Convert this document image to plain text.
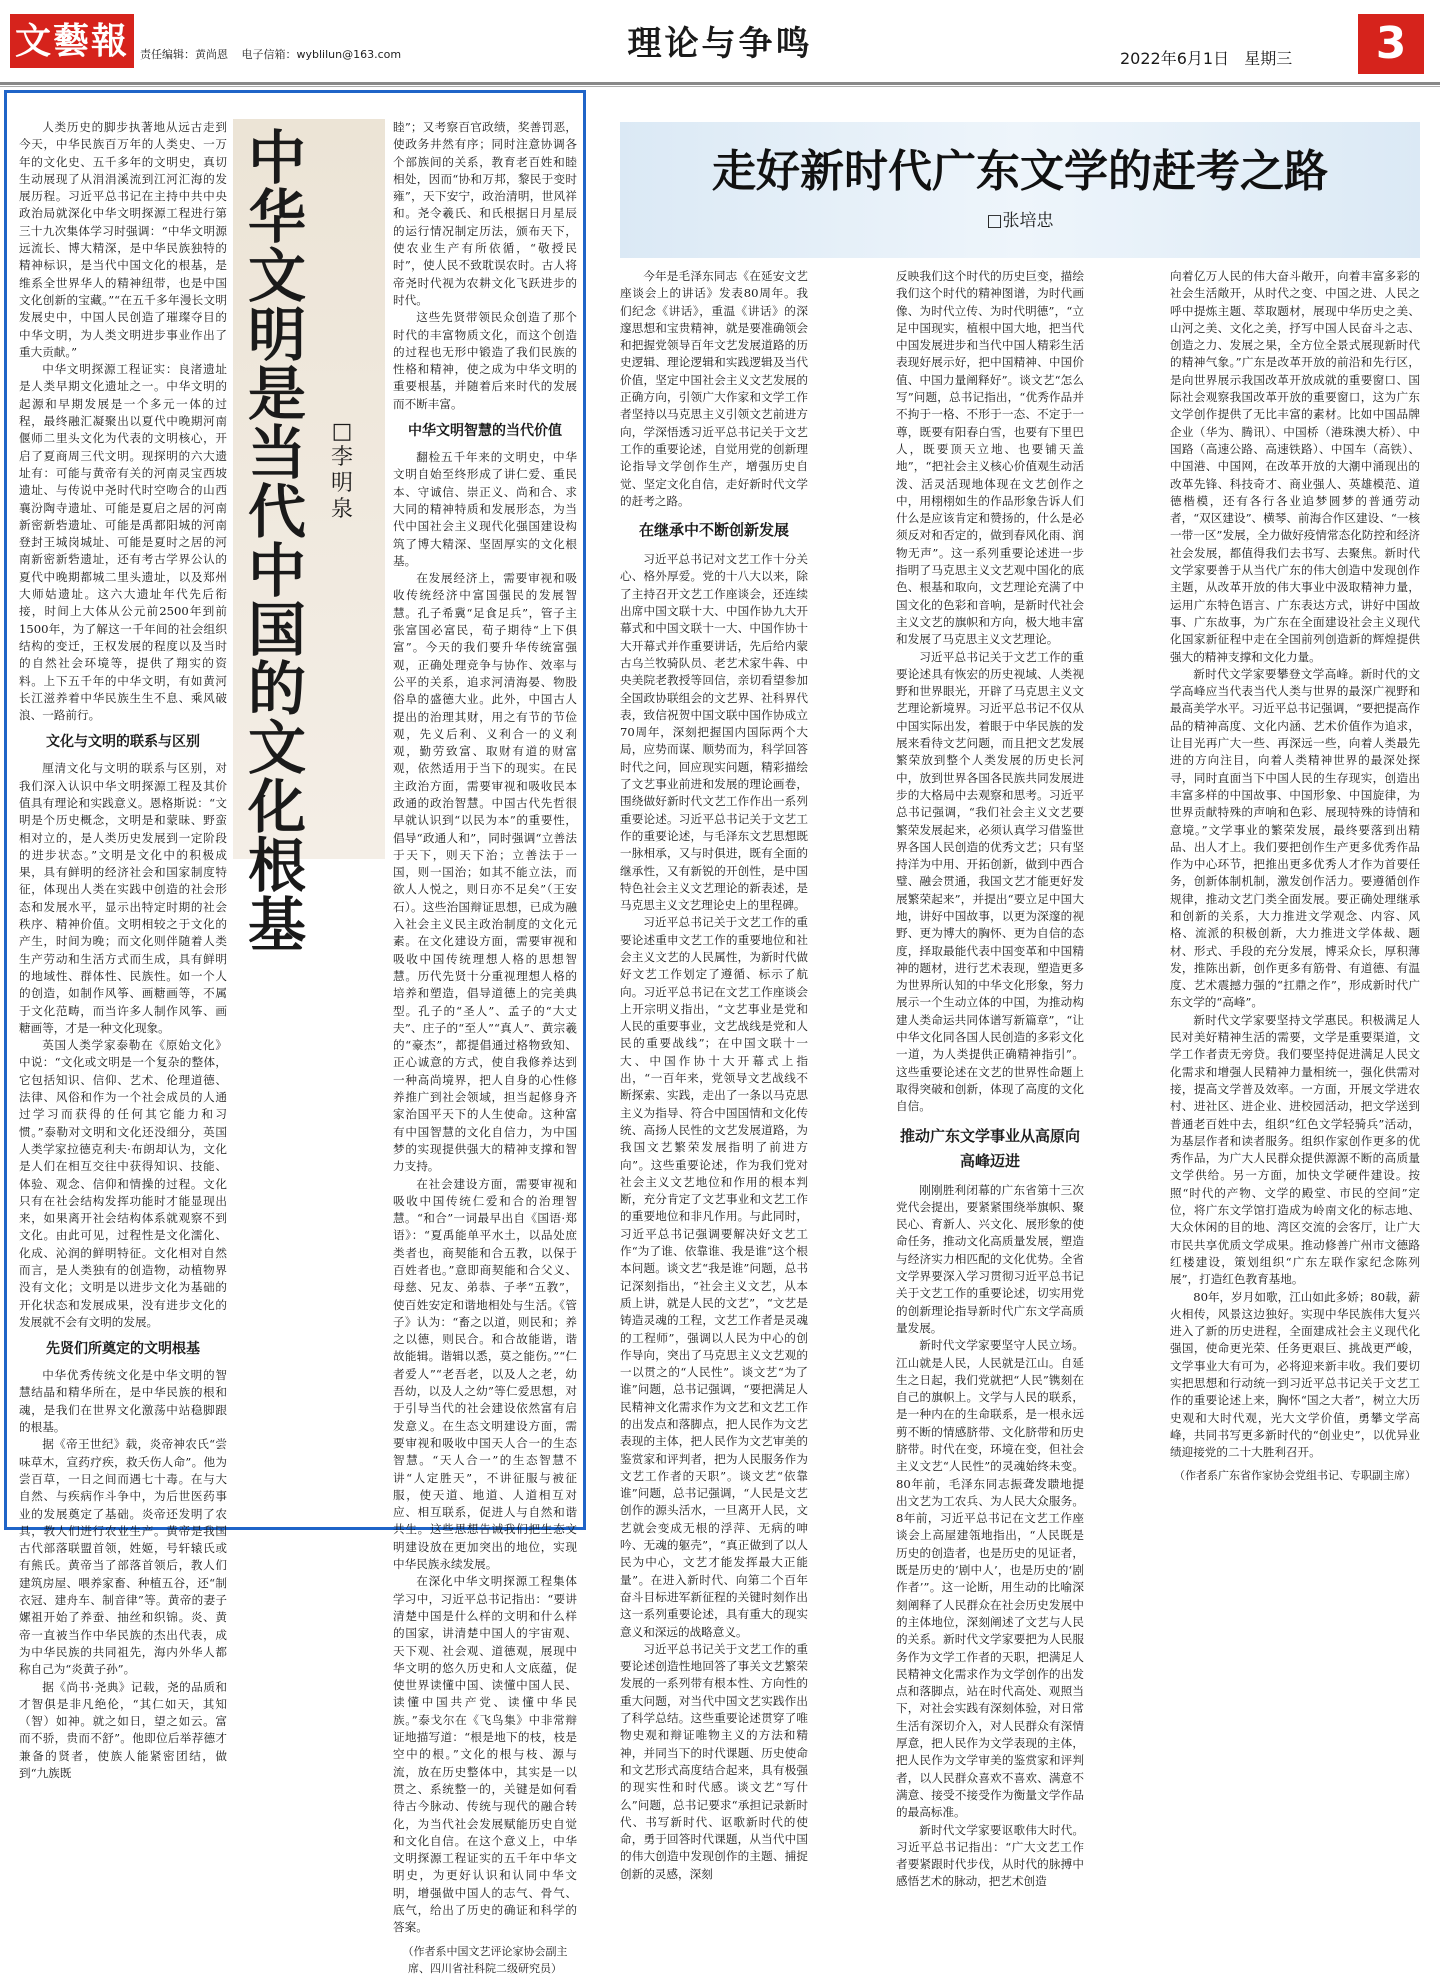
文藝報	责任编辑：黄尚恩 电子信箱：wyblilun@163.com	理论与争鸣	2022年6月1日 星期三	3
中
华
文
明
是
当
代
中
国
的
文
化
根
基
□
李
明
泉

人类历史的脚步执著地从远古走到今天，中华民族百万年的人类史、一万年的文化史、五千多年的文明史，真切生动展现了从涓涓溪流到江河汇海的发展历程。习近平总书记在主持中共中央政治局就深化中华文明探源工程进行第三十九次集体学习时强调：“中华文明源远流长、博大精深，是中华民族独特的精神标识，是当代中国文化的根基，是维系全世界华人的精神纽带，也是中国文化创新的宝藏。”“在五千多年漫长文明发展史中，中国人民创造了璀璨夺目的中华文明，为人类文明进步事业作出了重大贡献。”

中华文明探源工程证实：良渚遗址是人类早期文化遗址之一。中华文明的起源和早期发展是一个多元一体的过程，最终融汇凝聚出以夏代中晚期河南偃师二里头文化为代表的文明核心，开启了夏商周三代文明。现探明的六大遗址有：可能与黄帝有关的河南灵宝西坡遗址、与传说中尧时代时空吻合的山西襄汾陶寺遗址、可能是夏启之居的河南新密新砦遗址、可能是禹都阳城的河南登封王城岗城址、可能是夏时之居的河南新密新砦遗址，还有考古学界公认的夏代中晚期都城二里头遗址，以及郑州大师姑遗址。这六大遗址年代先后衔接，时间上大体从公元前2500年到前1500年，为了解这一千年间的社会组织结构的变迁，王权发展的程度以及当时的自然社会环境等，提供了翔实的资料。上下五千年的中华文明，有如黄河长江滋养着中华民族生生不息、乘风破浪、一路前行。

文化与文明的联系与区别

厘清文化与文明的联系与区别，对我们深入认识中华文明探源工程及其价值具有理论和实践意义。恩格斯说：“文明是个历史概念，文明是和蒙昧、野蛮相对立的，是人类历史发展到一定阶段的进步状态。”文明是文化中的积极成果，具有鲜明的经济社会和国家制度特征，体现出人类在实践中创造的社会形态和发展水平，显示出特定时期的社会秩序、精神价值。文明相较之于文化的产生，时间为晚；而文化则伴随着人类生产劳动和生活方式而生成，具有鲜明的地域性、群体性、民族性。如一个人的创造，如制作风筝、画糖画等，不属于文化范畴，而当许多人制作风筝、画糖画等，才是一种文化现象。

英国人类学家泰勒在《原始文化》中说：“文化或文明是一个复杂的整体，它包括知识、信仰、艺术、伦理道德、法律、风俗和作为一个社会成员的人通过学习而获得的任何其它能力和习惯。”泰勒对文明和文化还没细分，英国人类学家拉德克利夫·布朗却认为，文化是人们在相互交往中获得知识、技能、体验、观念、信仰和情操的过程。文化只有在社会结构发挥功能时才能显现出来，如果离开社会结构体系就观察不到文化。由此可见，过程性是文化濡化、化成、沁润的鲜明特征。文化相对自然而言，是人类独有的创造物，动植物界没有文化；文明是以进步文化为基础的开化状态和发展成果，没有进步文化的发展就不会有文明的发展。

先贤们所奠定的文明根基

中华优秀传统文化是中华文明的智慧结晶和精华所在，是中华民族的根和魂，是我们在世界文化激荡中站稳脚跟的根基。

据《帝王世纪》载，炎帝神农氏“尝味草木，宣药疗疾，救夭伤人命”。他为尝百草，一日之间而遇七十毒。在与大自然、与疾病作斗争中，为后世医药事业的发展奠定了基础。炎帝还发明了农具，教人们进行农业生产。黄帝是我国古代部落联盟首领，姓姬，号轩辕氏或有熊氏。黄帝当了部落首领后，教人们建筑房屋、喂养家畜、种植五谷，还“制衣冠、建舟车、制音律”等。黄帝的妻子嫘祖开始了养蚕、抽丝和织锦。炎、黄帝一直被当作中华民族的杰出代表，成为中华民族的共同祖先，海内外华人都称自己为“炎黄子孙”。

据《尚书·尧典》记载，尧的品质和才智俱是非凡绝伦，“其仁如天，其知（智）如神。就之如日，望之如云。富而不骄，贵而不舒”。他即位后举荐德才兼备的贤者，使族人能紧密团结，做到“九族既

睦”；又考察百官政绩，奖善罚恶，使政务井然有序；同时注意协调各个部族间的关系，教育老百姓和睦相处，因而“协和万邦，黎民于变时雍”，天下安宁，政治清明，世风祥和。尧令羲氏、和氏根据日月星辰的运行情况制定历法，颁布天下，使农业生产有所依循，“敬授民时”，使人民不致耽误农时。古人将帝尧时代视为农耕文化飞跃进步的时代。

这些先贤带领民众创造了那个时代的丰富物质文化，而这个创造的过程也无形中锻造了我们民族的性格和精神，使之成为中华文明的重要根基，并随着后来时代的发展而不断丰富。

中华文明智慧的当代价值

翻检五千年来的文明史，中华文明自始至终形成了讲仁爱、重民本、守诚信、崇正义、尚和合、求大同的精神特质和发展形态，为当代中国社会主义现代化强国建设构筑了博大精深、坚固厚实的文化根基。

在发展经济上，需要审视和吸收传统经济中富国强民的发展智慧。孔子希冀“足食足兵”，管子主张富国必富民，荀子期待“上下俱富”。今天的我们要升华传统富强观，正确处理竞争与协作、效率与公平的关系，追求河清海晏、物股俗阜的盛德大业。此外，中国古人提出的治理其财，用之有节的节俭观，先义后利、义利合一的义利观，勤劳致富、取财有道的财富观，依然适用于当下的现实。在民主政治方面，需要审视和吸收民本政通的政治智慧。中国古代先哲很早就认识到“以民为本”的重要性，倡导“政通人和”，同时强调“立善法于天下，则天下治；立善法于一国，则一国治；如其不能立法，而欲人人悦之，则日亦不足矣”（王安石）。这些治国辩证思想，已成为融入社会主义民主政治制度的文化元素。在文化建设方面，需要审视和吸收中国传统理想人格的思想智慧。历代先贤十分重视理想人格的培养和塑造，倡导道德上的完美典型。孔子的“圣人”、孟子的“大丈夫”、庄子的“至人”“真人”、黄宗羲的“豪杰”，都提倡通过格物致知、正心诚意的方式，使自我修养达到一种高尚境界，把人自身的心性修养推广到社会领域，担当起修身齐家治国平天下的人生使命。这种富有中国智慧的文化自信力，为中国梦的实现提供强大的精神支撑和智力支持。

在社会建设方面，需要审视和吸收中国传统仁爱和合的治理智慧。“和合”一词最早出自《国语·郑语》：“夏禹能单平水土，以品处庶类者也，商契能和合五教，以保于百姓者也。”意即商契能和合父义、母慈、兄友、弟恭、子孝“五教”，使百姓安定和谐地相处与生活。《管子》认为：“畜之以道，则民和；养之以德，则民合。和合故能谐，谐故能辑。谐辑以悉，莫之能伤。”“仁者爱人”“老吾老，以及人之老，幼吾幼，以及人之幼”等仁爱思想，对于引导当代的社会建设依然富有启发意义。在生态文明建设方面，需要审视和吸收中国天人合一的生态智慧。“天人合一”的生态智慧不讲“人定胜天”，不讲征服与被征服，使天道、地道、人道相互对应、相互联系，促进人与自然和谐共生。这些思想告诫我们把生态文明建设放在更加突出的地位，实现中华民族永续发展。

在深化中华文明探源工程集体学习中，习近平总书记指出：“要讲清楚中国是什么样的文明和什么样的国家，讲清楚中国人的宇宙观、天下观、社会观、道德观，展现中华文明的悠久历史和人文底蕴，促使世界读懂中国、读懂中国人民、读懂中国共产党、读懂中华民族。”泰戈尔在《飞鸟集》中非常辩证地描写道：“根是地下的枝，枝是空中的根。”文化的根与枝、源与流，放在历史整体中，其实是一以贯之、系统整一的，关键是如何看待古今脉动、传统与现代的融合转化，为当代社会发展赋能历史自觉和文化自信。在这个意义上，中华文明探源工程证实的五千年中华文明史，为更好认识和认同中华文明，增强做中国人的志气、骨气、底气，给出了历史的确证和科学的答案。

（作者系中国文艺评论家协会副主席、四川省社科院二级研究员）

走好新时代广东文学的赶考之路
□张培忠

今年是毛泽东同志《在延安文艺座谈会上的讲话》发表80周年。我们纪念《讲话》，重温《讲话》的深邃思想和宝贵精神，就是要准确领会和把握党领导百年文艺发展道路的历史逻辑、理论逻辑和实践逻辑及当代价值，坚定中国社会主义文艺发展的正确方向，引领广大作家和文学工作者坚持以马克思主义引领文艺前进方向，学深悟透习近平总书记关于文艺工作的重要论述，自觉用党的创新理论指导文学创作生产，增强历史自觉、坚定文化自信，走好新时代文学的赶考之路。

在继承中不断创新发展

习近平总书记对文艺工作十分关心、格外厚爱。党的十八大以来，除了主持召开文艺工作座谈会，还连续出席中国文联十大、中国作协九大开幕式和中国文联十一大、中国作协十大开幕式并作重要讲话，先后给内蒙古乌兰牧骑队员、老艺术家牛犇、中央美院老教授等回信，亲切看望参加全国政协联组会的文艺界、社科界代表，致信祝贺中国文联中国作协成立70周年，深刻把握国内国际两个大局，应势而谋、顺势而为，科学回答时代之问，回应现实问题，精彩描绘了文艺事业前进和发展的理论画卷，围绕做好新时代文艺工作作出一系列重要论述。习近平总书记关于文艺工作的重要论述，与毛泽东文艺思想既一脉相承，又与时俱进，既有全面的继承性，又有新锐的开创性，是中国特色社会主义文艺理论的新表述，是马克思主义文艺理论史上的里程碑。

习近平总书记关于文艺工作的重要论述重申文艺工作的重要地位和社会主义文艺的人民属性，为新时代做好文艺工作划定了遵循、标示了航向。习近平总书记在文艺工作座谈会上开宗明义指出，“文艺事业是党和人民的重要事业，文艺战线是党和人民的重要战线”；在中国文联十一大、中国作协十大开幕式上指出，“一百年来，党领导文艺战线不断探索、实践，走出了一条以马克思主义为指导、符合中国国情和文化传统、高扬人民性的文艺发展道路，为我国文艺繁荣发展指明了前进方向”。这些重要论述，作为我们党对社会主义文艺地位和作用的根本判断，充分肯定了文艺事业和文艺工作的重要地位和非凡作用。与此同时，习近平总书记强调要解决好文艺工作“为了谁、依靠谁、我是谁”这个根本问题。谈文艺“我是谁”问题，总书记深刻指出，“社会主义文艺，从本质上讲，就是人民的文艺”，“文艺是铸造灵魂的工程，文艺工作者是灵魂的工程师”，强调以人民为中心的创作导向，突出了马克思主义文艺观的一以贯之的“人民性”。谈文艺“为了谁”问题，总书记强调，“要把满足人民精神文化需求作为文艺和文艺工作的出发点和落脚点，把人民作为文艺表现的主体，把人民作为文艺审美的鉴赏家和评判者，把为人民服务作为文艺工作者的天职”。谈文艺“依靠谁”问题，总书记强调，“人民是文艺创作的源头活水，一旦离开人民，文艺就会变成无根的浮萍、无病的呻吟、无魂的躯壳”，“真正做到了以人民为中心，文艺才能发挥最大正能量”。在进入新时代、向第二个百年奋斗目标进军新征程的关键时刻作出这一系列重要论述，具有重大的现实意义和深远的战略意义。

习近平总书记关于文艺工作的重要论述创造性地回答了事关文艺繁荣发展的一系列带有根本性、方向性的重大问题，对当代中国文艺实践作出了科学总结。这些重要论述贯穿了唯物史观和辩证唯物主义的方法和精神，并同当下的时代课题、历史使命和文艺形式高度结合起来，具有极强的现实性和时代感。谈文艺“写什么”问题，总书记要求“承担记录新时代、书写新时代、讴歌新时代的使命，勇于回答时代课题，从当代中国的伟大创造中发现创作的主题、捕捉创新的灵感，深刻

反映我们这个时代的历史巨变，描绘我们这个时代的精神图谱，为时代画像、为时代立传、为时代明德”，“立足中国现实，植根中国大地，把当代中国发展进步和当代中国人精彩生活表现好展示好，把中国精神、中国价值、中国力量阐释好”。谈文艺“怎么写”问题，总书记指出，“优秀作品并不拘于一格、不形于一态、不定于一尊，既要有阳春白雪，也要有下里巴人，既要顶天立地、也要铺天盖地”，“把社会主义核心价值观生动活泼、活灵活现地体现在文艺创作之中，用栩栩如生的作品形象告诉人们什么是应该肯定和赞扬的，什么是必须反对和否定的，做到春风化雨、润物无声”。这一系列重要论述进一步指明了马克思主义文艺观中国化的底色、根基和取向，文艺理论充满了中国文化的色彩和音响，是新时代社会主义文艺的旗帜和方向，极大地丰富和发展了马克思主义文艺理论。

习近平总书记关于文艺工作的重要论述具有恢宏的历史视域、人类视野和世界眼光，开辟了马克思主义文艺理论新境界。习近平总书记不仅从中国实际出发，着眼于中华民族的发展来看待文艺问题，而且把文艺发展繁荣放到整个人类发展的历史长河中，放到世界各国各民族共同发展进步的大格局中去观察和思考。习近平总书记强调，“我们社会主义文艺要繁荣发展起来，必须认真学习借鉴世界各国人民创造的优秀文艺；只有坚持洋为中用、开拓创新，做到中西合璧、融会贯通，我国文艺才能更好发展繁荣起来”，并提出“要立足中国大地，讲好中国故事，以更为深邃的视野、更为博大的胸怀、更为自信的态度，择取最能代表中国变革和中国精神的题材，进行艺术表现，塑造更多为世界所认知的中华文化形象，努力展示一个生动立体的中国，为推动构建人类命运共同体谱写新篇章”，“让中华文化同各国人民创造的多彩文化一道，为人类提供正确精神指引”。这些重要论述在文艺的世界性命题上取得突破和创新，体现了高度的文化自信。

推动广东文学事业从高原向高峰迈进

刚刚胜利闭幕的广东省第十三次党代会提出，要紧紧围绕举旗帜、聚民心、育新人、兴文化、展形象的使命任务，推动文化高质量发展，塑造与经济实力相匹配的文化优势。全省文学界要深入学习贯彻习近平总书记关于文艺工作的重要论述，切实用党的创新理论指导新时代广东文学高质量发展。

新时代文学家要坚守人民立场。江山就是人民，人民就是江山。自延生之日起，我们党就把“人民”镌刻在自己的旗帜上。文学与人民的联系，是一种内在的生命联系，是一根永远剪不断的情感脐带、文化脐带和历史脐带。时代在变，环境在变，但社会主义文艺“人民性”的灵魂始终未变。80年前，毛泽东同志振聋发聩地提出文艺为工农兵、为人民大众服务。8年前，习近平总书记在文艺工作座谈会上高屋建瓴地指出，“人民既是历史的创造者，也是历史的见证者，既是历史的‘剧中人’，也是历史的‘剧作者’”。这一论断，用生动的比喻深刻阐释了人民群众在社会历史发展中的主体地位，深刻阐述了文艺与人民的关系。新时代文学家要把为人民服务作为文学工作者的天职，把满足人民精神文化需求作为文学创作的出发点和落脚点，站在时代高处、观照当下，对社会实践有深刻体验，对日常生活有深切介入，对人民群众有深情厚意，把人民作为文学表现的主体，把人民作为文学审美的鉴赏家和评判者，以人民群众喜欢不喜欢、满意不满意、接受不接受作为衡量文学作品的最高标准。

新时代文学家要讴歌伟大时代。习近平总书记指出：“广大文艺工作者要紧跟时代步伐，从时代的脉搏中感悟艺术的脉动，把艺术创造

向着亿万人民的伟大奋斗敞开，向着丰富多彩的社会生活敞开，从时代之变、中国之进、人民之呼中提炼主题、萃取题材，展现中华历史之美、山河之美、文化之美，抒写中国人民奋斗之志、创造之力、发展之果，全方位全景式展现新时代的精神气象。”广东是改革开放的前沿和先行区，是向世界展示我国改革开放成就的重要窗口、国际社会观察我国改革开放的重要窗口，这为广东文学创作提供了无比丰富的素材。比如中国品牌企业（华为、腾讯）、中国桥（港珠澳大桥）、中国路（高速公路、高速铁路）、中国车（高铁）、中国港、中国网，在改革开放的大潮中涌现出的改革先锋、科技奇才、商业强人、英雄模范、道德楷模，还有各行各业追梦圆梦的普通劳动者，“双区建设”、横琴、前海合作区建设、“一核一带一区”发展，全力做好疫情常态化防控和经济社会发展，都值得我们去书写、去聚焦。新时代文学家要善于从当代广东的伟大创造中发现创作主题，从改革开放的伟大事业中汲取精神力量，运用广东特色语言、广东表达方式，讲好中国故事、广东故事，为广东在全面建设社会主义现代化国家新征程中走在全国前列创造新的辉煌提供强大的精神支撑和文化力量。

新时代文学家要攀登文学高峰。新时代的文学高峰应当代表当代人类与世界的最深广视野和最高美学水平。习近平总书记强调，“要把提高作品的精神高度、文化内涵、艺术价值作为追求，让目光再广大一些、再深远一些，向着人类最先进的方向注目，向着人类精神世界的最深处探寻，同时直面当下中国人民的生存现实，创造出丰富多样的中国故事、中国形象、中国旋律，为世界贡献特殊的声响和色彩、展现特殊的诗情和意境。”文学事业的繁荣发展，最终要落到出精品、出人才上。我们要把创作生产更多优秀作品作为中心环节，把推出更多优秀人才作为首要任务，创新体制机制，激发创作活力。要遵循创作规律，推动文艺门类全面发展。要正确处理继承和创新的关系，大力推进文学观念、内容、风格、流派的积极创新，大力推进文学体裁、题材、形式、手段的充分发展，博采众长，厚积薄发，推陈出新，创作更多有筋骨、有道德、有温度、艺术震撼力强的“扛鼎之作”，形成新时代广东文学的“高峰”。

新时代文学家要坚持文学惠民。积极满足人民对美好精神生活的需要，文学是重要渠道，文学工作者责无旁贷。我们要坚持促进满足人民文化需求和增强人民精神力量相统一，强化供需对接，提高文学普及效率。一方面，开展文学进农村、进社区、进企业、进校园活动，把文学送到普通老百姓中去，组织“红色文学轻骑兵”活动，为基层作者和读者服务。组织作家创作更多的优秀作品，为广大人民群众提供源源不断的高质量文学供给。另一方面，加快文学硬件建设。按照“时代的产物、文学的殿堂、市民的空间”定位，将广东文学馆打造成为岭南文化的标志地、大众休闲的目的地、湾区交流的会客厅，让广大市民共享优质文学成果。推动修善广州市文德路红楼建设，策划组织“广东左联作家纪念陈列展”，打造红色教育基地。

80年，岁月如歌，江山如此多娇；80载，薪火相传，风景这边独好。实现中华民族伟大复兴进入了新的历史进程，全面建成社会主义现代化强国，使命更光荣、任务更艰巨、挑战更严峻，文学事业大有可为，必将迎来新丰收。我们要切实把思想和行动统一到习近平总书记关于文艺工作的重要论述上来，胸怀“国之大者”，树立大历史观和大时代观，光大文学价值，勇攀文学高峰，共同书写更多新时代的“创业史”，以优异业绩迎接党的二十大胜利召开。

（作者系广东省作家协会党组书记、专职副主席）
